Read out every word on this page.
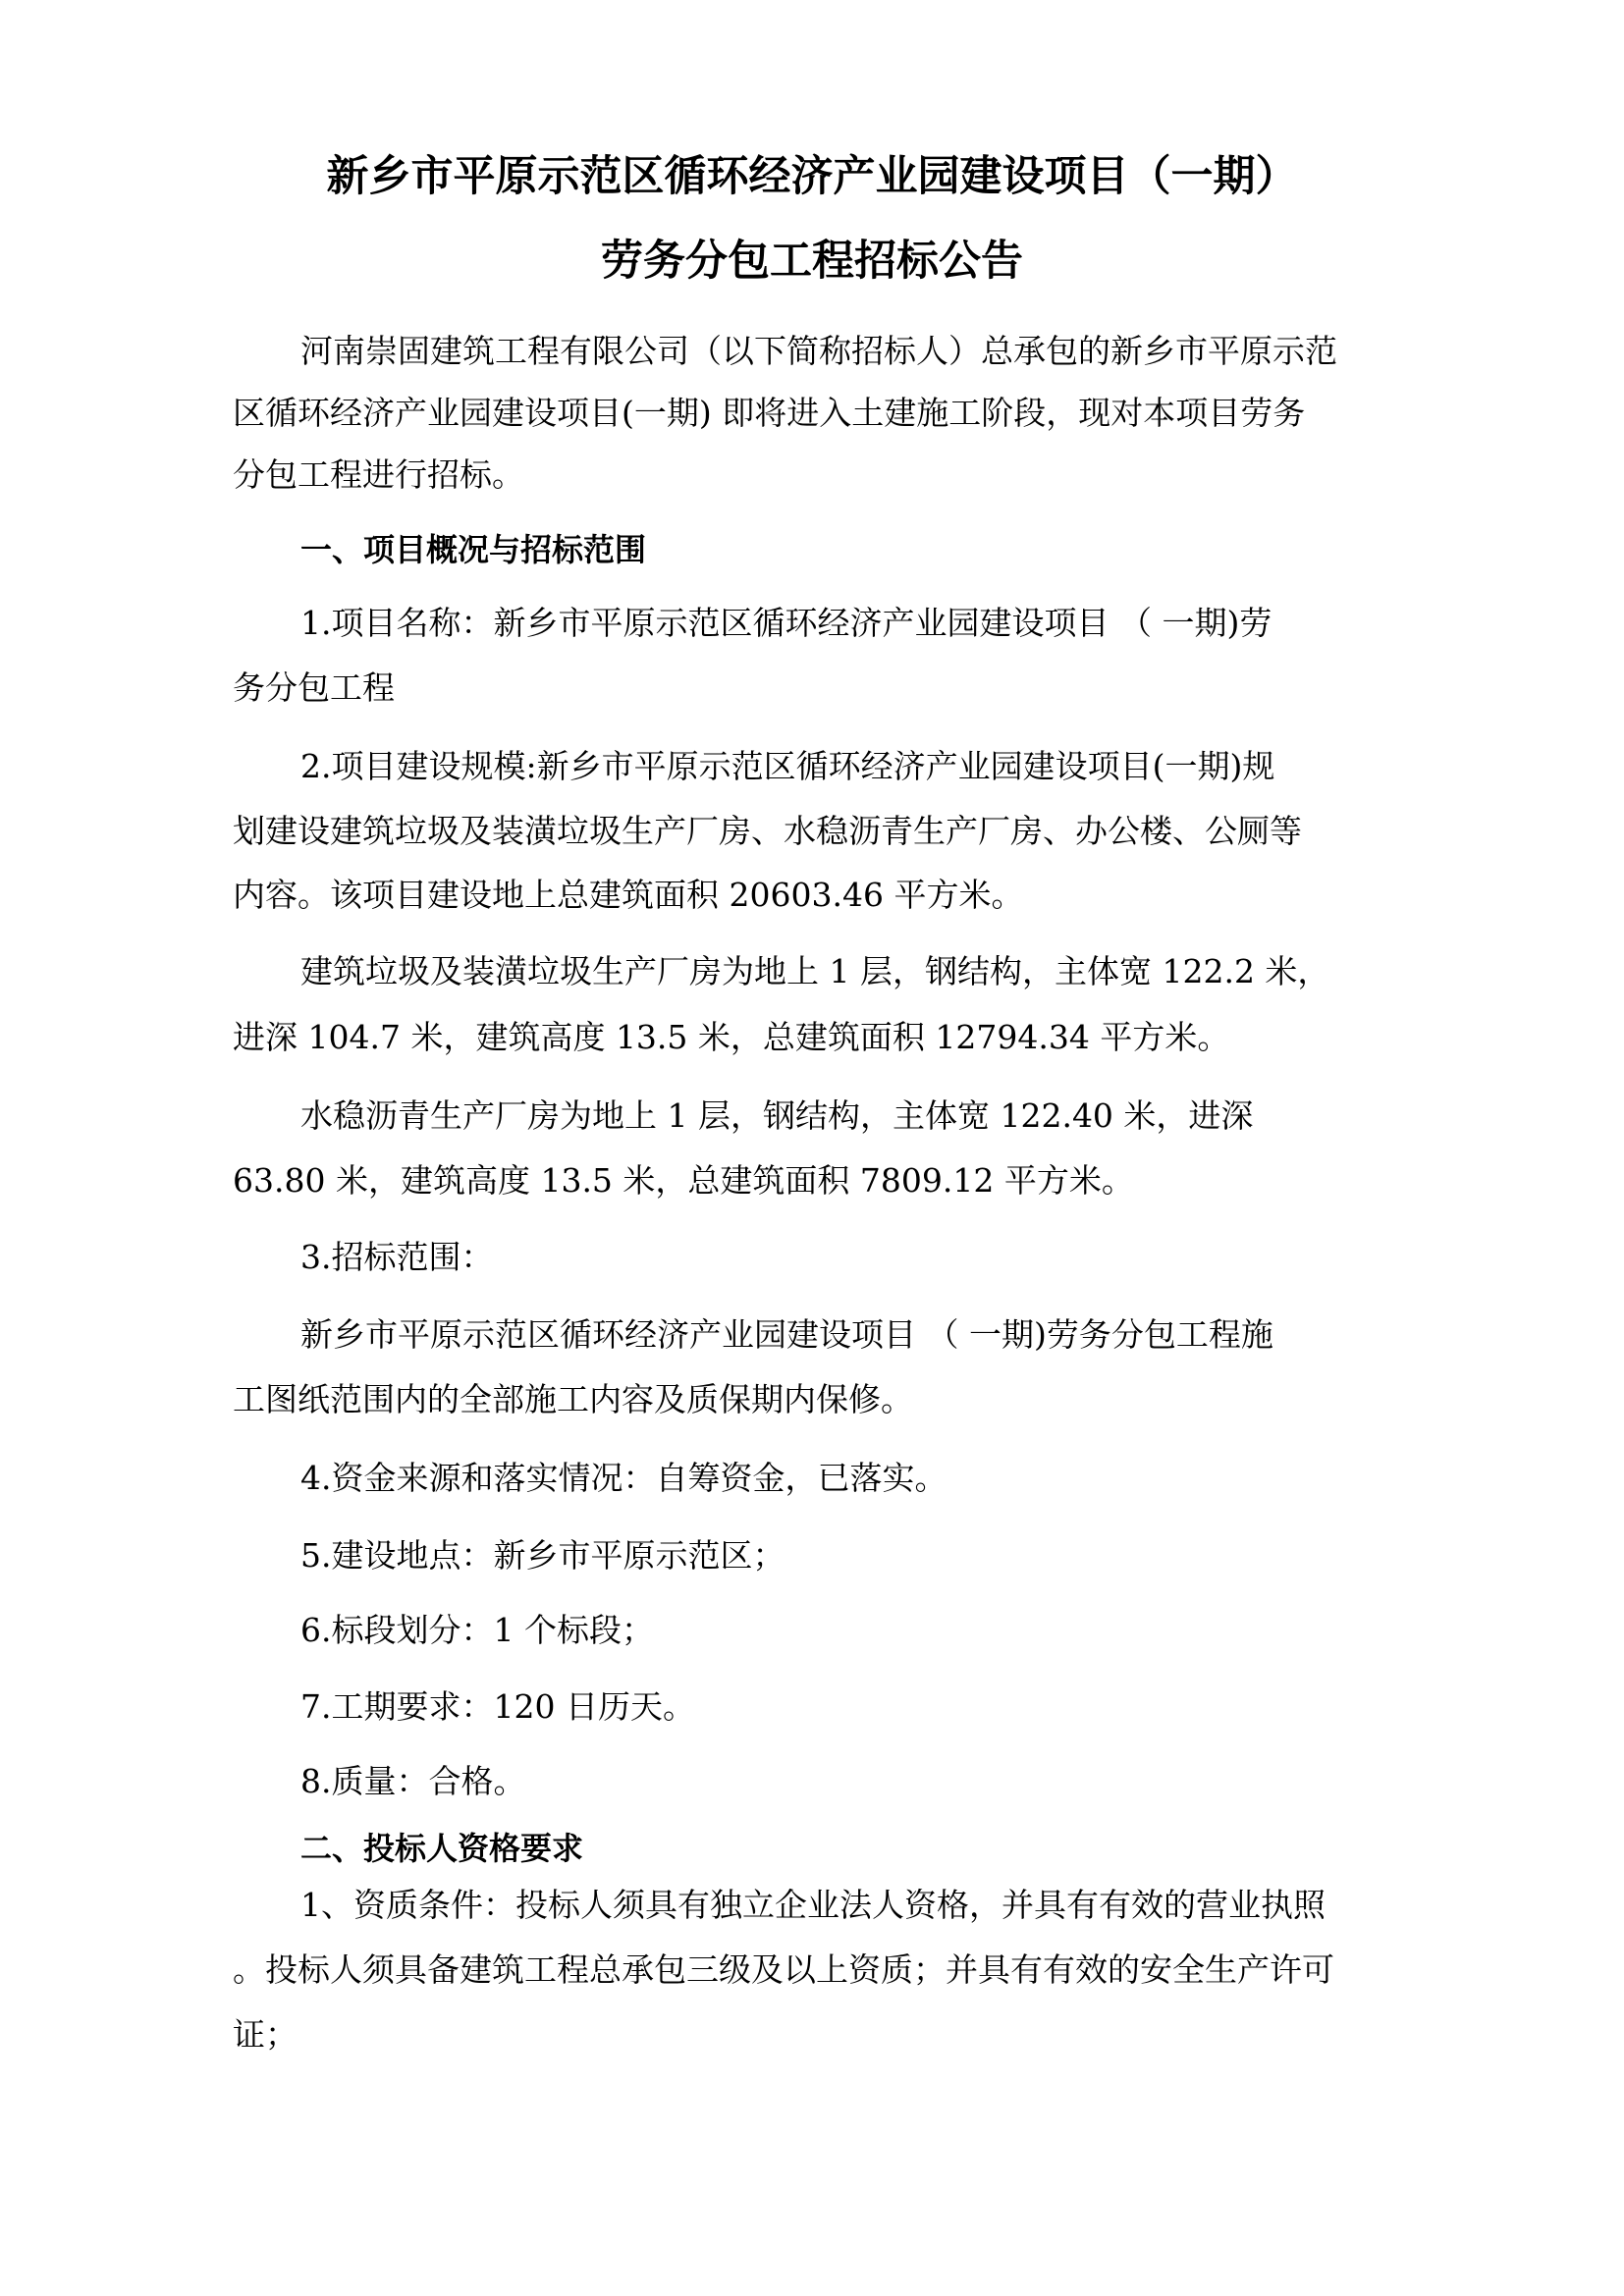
新乡市平原示范区循环经济产业园建设项目（一期）
劳务分包工程招标公告
河南崇固建筑工程有限公司（以下简称招标人）总承包的新乡市平原示范
区循环经济产业园建设项目(一期) 即将进入土建施工阶段，现对本项目劳务
分包工程进行招标。
一、项目概况与招标范围
1.项目名称：新乡市平原示范区循环经济产业园建设项目 （ 一期)劳
务分包工程
2.项目建设规模:新乡市平原示范区循环经济产业园建设项目(一期)规
划建设建筑垃圾及装潢垃圾生产厂房、水稳沥青生产厂房、办公楼、公厕等
内容。该项目建设地上总建筑面积 20603.46 平方米。
建筑垃圾及装潢垃圾生产厂房为地上 1 层，钢结构，主体宽 122.2 米，
进深 104.7 米，建筑高度 13.5 米，总建筑面积 12794.34 平方米。
水稳沥青生产厂房为地上 1 层，钢结构，主体宽 122.40 米，进深
63.80 米，建筑高度 13.5 米，总建筑面积 7809.12 平方米。
3.招标范围：
新乡市平原示范区循环经济产业园建设项目 （ 一期)劳务分包工程施
工图纸范围内的全部施工内容及质保期内保修。
4.资金来源和落实情况：自筹资金，已落实。
5.建设地点：新乡市平原示范区；
6.标段划分：1 个标段；
7.工期要求：120 日历天。
8.质量：合格。
二、投标人资格要求
1、资质条件：投标人须具有独立企业法人资格，并具有有效的营业执照
。投标人须具备建筑工程总承包三级及以上资质；并具有有效的安全生产许可
证；
